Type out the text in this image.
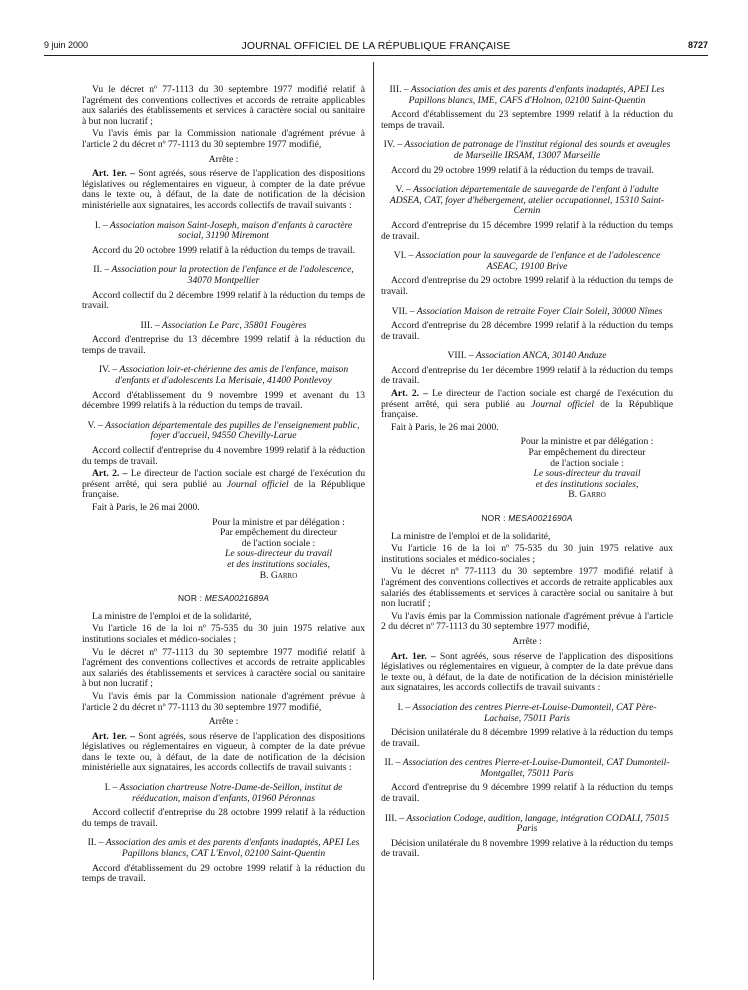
9 juin 2000	JOURNAL OFFICIEL DE LA RÉPUBLIQUE FRANÇAISE	8727

Vu le décret nº 77-1113 du 30 septembre 1977 modifié relatif à l'agrément des conventions collectives et accords de retraite applicables aux salariés des établissements et services à caractère social ou sanitaire à but non lucratif ;

Vu l'avis émis par la Commission nationale d'agrément prévue à l'article 2 du décret nº 77-1113 du 30 septembre 1977 modifié,

Arrête :

Art. 1er. – Sont agréés, sous réserve de l'application des dispositions législatives ou réglementaires en vigueur, à compter de la date prévue dans le texte ou, à défaut, de la date de notification de la décision ministérielle aux signataires, les accords collectifs de travail suivants :

I. – Association maison Saint-Joseph, maison d'enfants à caractère social, 31190 Miremont

Accord du 20 octobre 1999 relatif à la réduction du temps de travail.

II. – Association pour la protection de l'enfance et de l'adolescence, 34070 Montpellier

Accord collectif du 2 décembre 1999 relatif à la réduction du temps de travail.

III. – Association Le Parc, 35801 Fougères

Accord d'entreprise du 13 décembre 1999 relatif à la réduction du temps de travail.

IV. – Association loir-et-chérienne des amis de l'enfance, maison d'enfants et d'adolescents La Merisaie, 41400 Pontlevoy

Accord d'établissement du 9 novembre 1999 et avenant du 13 décembre 1999 relatifs à la réduction du temps de travail.

V. – Association départementale des pupilles de l'enseignement public, foyer d'accueil, 94550 Chevilly-Larue

Accord collectif d'entreprise du 4 novembre 1999 relatif à la réduction du temps de travail.

Art. 2. – Le directeur de l'action sociale est chargé de l'exécution du présent arrêté, qui sera publié au Journal officiel de la République française.

Fait à Paris, le 26 mai 2000.

Pour la ministre et par délégation :
Par empêchement du directeur
de l'action sociale :
Le sous-directeur du travail
et des institutions sociales,
B. Garro
NOR : MESA0021689A

La ministre de l'emploi et de la solidarité,

Vu l'article 16 de la loi nº 75-535 du 30 juin 1975 relative aux institutions sociales et médico-sociales ;

Vu le décret nº 77-1113 du 30 septembre 1977 modifié relatif à l'agrément des conventions collectives et accords de retraite applicables aux salariés des établissements et services à caractère social ou sanitaire à but non lucratif ;

Vu l'avis émis par la Commission nationale d'agrément prévue à l'article 2 du décret nº 77-1113 du 30 septembre 1977 modifié,

Arrête :

Art. 1er. – Sont agréés, sous réserve de l'application des dispositions législatives ou réglementaires en vigueur, à compter de la date prévue dans le texte ou, à défaut, de la date de notification de la décision ministérielle aux signataires, les accords collectifs de travail suivants :

I. – Association chartreuse Notre-Dame-de-Seillon, institut de rééducation, maison d'enfants, 01960 Péronnas

Accord collectif d'entreprise du 28 octobre 1999 relatif à la réduction du temps de travail.

II. – Association des amis et des parents d'enfants inadaptés, APEI Les Papillons blancs, CAT L'Envol, 02100 Saint-Quentin

Accord d'établissement du 29 octobre 1999 relatif à la réduction du temps de travail.

III. – Association des amis et des parents d'enfants inadaptés, APEI Les Papillons blancs, IME, CAFS d'Holnon, 02100 Saint-Quentin

Accord d'établissement du 23 septembre 1999 relatif à la réduction du temps de travail.

IV. – Association de patronage de l'institut régional des sourds et aveugles de Marseille IRSAM, 13007 Marseille

Accord du 29 octobre 1999 relatif à la réduction du temps de travail.

V. – Association départementale de sauvegarde de l'enfant à l'adulte ADSEA, CAT, foyer d'hébergement, atelier occupationnel, 15310 Saint-Cernin

Accord d'entreprise du 15 décembre 1999 relatif à la réduction du temps de travail.

VI. – Association pour la sauvegarde de l'enfance et de l'adolescence ASEAC, 19100 Brive

Accord d'entreprise du 29 octobre 1999 relatif à la réduction du temps de travail.

VII. – Association Maison de retraite Foyer Clair Soleil, 30000 Nîmes

Accord d'entreprise du 28 décembre 1999 relatif à la réduction du temps de travail.

VIII. – Association ANCA, 30140 Anduze

Accord d'entreprise du 1er décembre 1999 relatif à la réduction du temps de travail.

Art. 2. – Le directeur de l'action sociale est chargé de l'exécution du présent arrêté, qui sera publié au Journal officiel de la République française.

Fait à Paris, le 26 mai 2000.

Pour la ministre et par délégation :
Par empêchement du directeur
de l'action sociale :
Le sous-directeur du travail
et des institutions sociales,
B. Garro
NOR : MESA0021690A

La ministre de l'emploi et de la solidarité,

Vu l'article 16 de la loi nº 75-535 du 30 juin 1975 relative aux institutions sociales et médico-sociales ;

Vu le décret nº 77-1113 du 30 septembre 1977 modifié relatif à l'agrément des conventions collectives et accords de retraite applicables aux salariés des établissements et services à caractère social ou sanitaire à but non lucratif ;

Vu l'avis émis par la Commission nationale d'agrément prévue à l'article 2 du décret nº 77-1113 du 30 septembre 1977 modifié,

Arrête :

Art. 1er. – Sont agréés, sous réserve de l'application des dispositions législatives ou réglementaires en vigueur, à compter de la date prévue dans le texte ou, à défaut, de la date de notification de la décision ministérielle aux signataires, les accords collectifs de travail suivants :

I. – Association des centres Pierre-et-Louise-Dumonteil, CAT Père-Lachaise, 75011 Paris

Décision unilatérale du 8 décembre 1999 relative à la réduction du temps de travail.

II. – Association des centres Pierre-et-Louise-Dumonteil, CAT Dumonteil-Montgallet, 75011 Paris

Accord d'entreprise du 9 décembre 1999 relatif à la réduction du temps de travail.

III. – Association Codage, audition, langage, intégration CODALI, 75015 Paris

Décision unilatérale du 8 novembre 1999 relative à la réduction du temps de travail.
